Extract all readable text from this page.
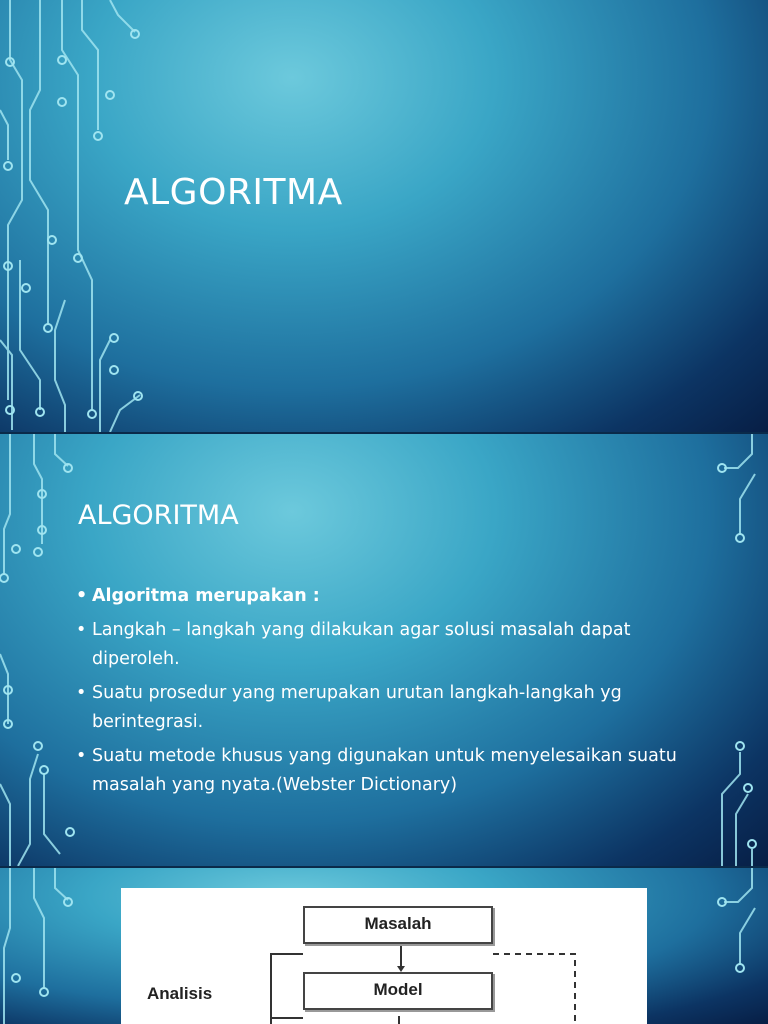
ALGORITMA
ALGORITMA
• Algoritma merupakan :
• Langkah – langkah yang dilakukan agar solusi masalah dapat diperoleh.
• Suatu prosedur yang merupakan urutan langkah-langkah yg berintegrasi.
• Suatu metode khusus yang digunakan untuk menyelesaikan suatu masalah yang nyata.(Webster Dictionary)
Masalah
Model
Analisis
